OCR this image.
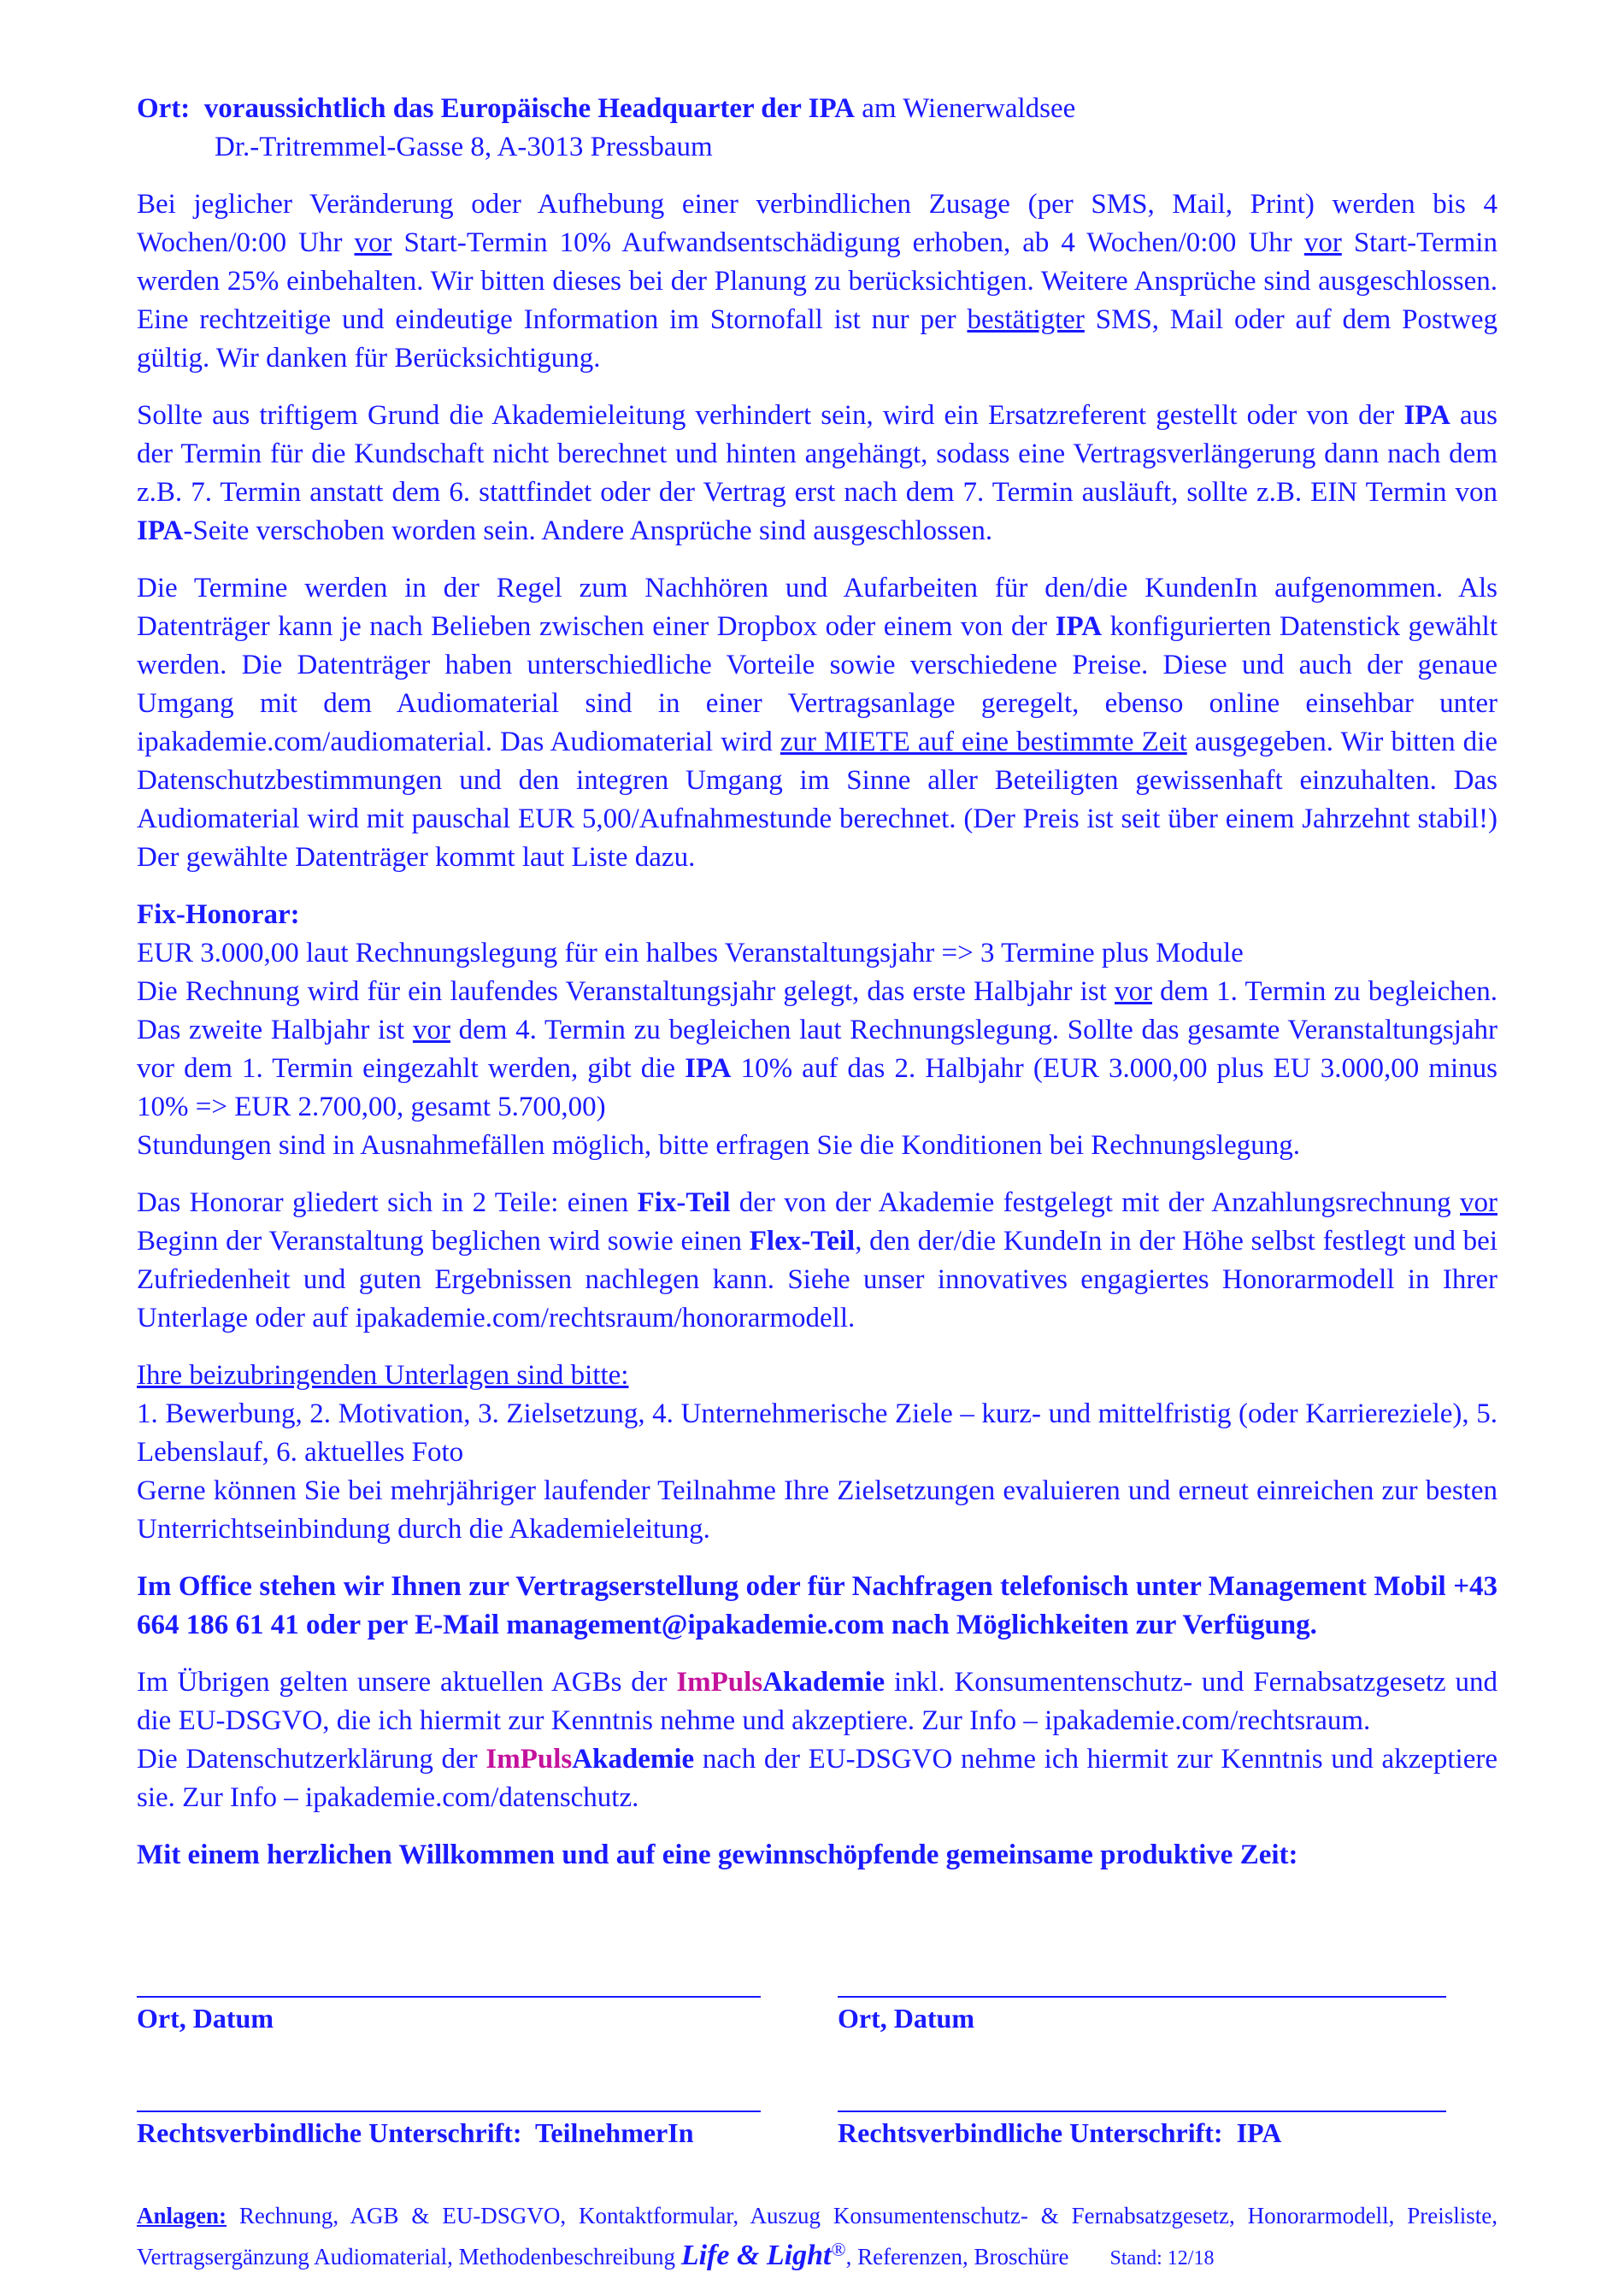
Ort: voraussichtlich das Europäische Headquarter der IPA am Wienerwaldsee

Dr.-Tritremmel-Gasse 8, A-3013 Pressbaum

Bei jeglicher Veränderung oder Aufhebung einer verbindlichen Zusage (per SMS, Mail, Print) werden bis 4 Wochen/0:00 Uhr vor Start-Termin 10% Aufwandsentschädigung erhoben, ab 4 Wochen/0:00 Uhr vor Start-Termin werden 25% einbehalten. Wir bitten dieses bei der Planung zu berücksichtigen. Weitere Ansprüche sind ausgeschlossen. Eine rechtzeitige und eindeutige Information im Stornofall ist nur per bestätigter SMS, Mail oder auf dem Postweg gültig. Wir danken für Berücksichtigung.

Sollte aus triftigem Grund die Akademieleitung verhindert sein, wird ein Ersatzreferent gestellt oder von der IPA aus der Termin für die Kundschaft nicht berechnet und hinten angehängt, sodass eine Vertragsverlängerung dann nach dem z.B. 7. Termin anstatt dem 6. stattfindet oder der Vertrag erst nach dem 7. Termin ausläuft, sollte z.B. EIN Termin von IPA-Seite verschoben worden sein. Andere Ansprüche sind ausgeschlossen.

Die Termine werden in der Regel zum Nachhören und Aufarbeiten für den/die KundenIn aufgenommen. Als Datenträger kann je nach Belieben zwischen einer Dropbox oder einem von der IPA konfigurierten Datenstick gewählt werden. Die Datenträger haben unterschiedliche Vorteile sowie verschiedene Preise. Diese und auch der genaue Umgang mit dem Audiomaterial sind in einer Vertragsanlage geregelt, ebenso online einsehbar unter ipakademie.com/audiomaterial. Das Audiomaterial wird zur MIETE auf eine bestimmte Zeit ausgegeben. Wir bitten die Datenschutzbestimmungen und den integren Umgang im Sinne aller Beteiligten gewissenhaft einzuhalten. Das Audiomaterial wird mit pauschal EUR 5,00/Aufnahmestunde berechnet. (Der Preis ist seit über einem Jahrzehnt stabil!) Der gewählte Datenträger kommt laut Liste dazu.

Fix-Honorar:

EUR 3.000,00 laut Rechnungslegung für ein halbes Veranstaltungsjahr => 3 Termine plus Module

Die Rechnung wird für ein laufendes Veranstaltungsjahr gelegt, das erste Halbjahr ist vor dem 1. Termin zu begleichen. Das zweite Halbjahr ist vor dem 4. Termin zu begleichen laut Rechnungslegung. Sollte das gesamte Veranstaltungsjahr vor dem 1. Termin eingezahlt werden, gibt die IPA 10% auf das 2. Halbjahr (EUR 3.000,00 plus EU 3.000,00 minus 10% => EUR 2.700,00, gesamt 5.700,00)

Stundungen sind in Ausnahmefällen möglich, bitte erfragen Sie die Konditionen bei Rechnungslegung.

Das Honorar gliedert sich in 2 Teile: einen Fix-Teil der von der Akademie festgelegt mit der Anzahlungsrechnung vor Beginn der Veranstaltung beglichen wird sowie einen Flex-Teil, den der/die KundeIn in der Höhe selbst festlegt und bei Zufriedenheit und guten Ergebnissen nachlegen kann. Siehe unser innovatives engagiertes Honorarmodell in Ihrer Unterlage oder auf ipakademie.com/rechtsraum/honorarmodell.

Ihre beizubringenden Unterlagen sind bitte:

1. Bewerbung, 2. Motivation, 3. Zielsetzung, 4. Unternehmerische Ziele – kurz- und mittelfristig (oder Karriereziele), 5. Lebenslauf, 6. aktuelles Foto

Gerne können Sie bei mehrjähriger laufender Teilnahme Ihre Zielsetzungen evaluieren und erneut einreichen zur besten Unterrichtseinbindung durch die Akademieleitung.

Im Office stehen wir Ihnen zur Vertragserstellung oder für Nachfragen telefonisch unter Management Mobil +43 664 186 61 41 oder per E-Mail management@ipakademie.com nach Möglichkeiten zur Verfügung.

Im Übrigen gelten unsere aktuellen AGBs der ImPulsAkademie inkl. Konsumentenschutz- und Fernabsatzgesetz und die EU-DSGVO, die ich hiermit zur Kenntnis nehme und akzeptiere. Zur Info – ipakademie.com/rechtsraum.

Die Datenschutzerklärung der ImPulsAkademie nach der EU-DSGVO nehme ich hiermit zur Kenntnis und akzeptiere sie. Zur Info – ipakademie.com/datenschutz.

Mit einem herzlichen Willkommen und auf eine gewinnschöpfende gemeinsame produktive Zeit:

Ort, Datum	Ort, Datum
Rechtsverbindliche Unterschrift:  TeilnehmerIn	Rechtsverbindliche Unterschrift:  IPA
Anlagen: Rechnung, AGB & EU-DSGVO, Kontaktformular, Auszug Konsumentenschutz- & Fernabsatzgesetz, Honorarmodell, Preisliste, Vertragsergänzung Audiomaterial, Methodenbeschreibung Life & Light®, Referenzen, Broschüre Stand: 12/18
